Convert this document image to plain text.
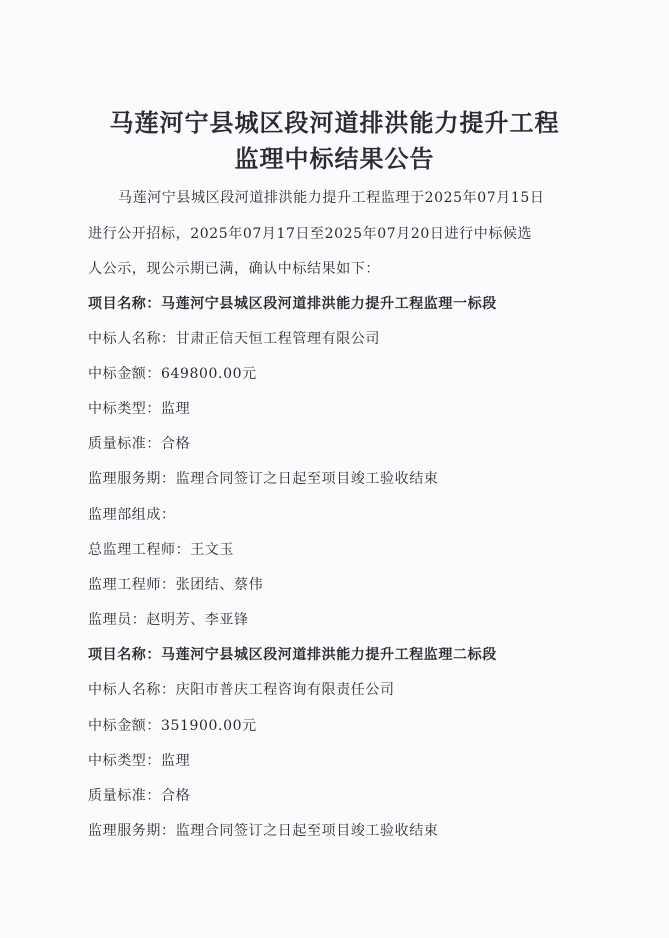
马莲河宁县城区段河道排洪能力提升工程
监理中标结果公告
马莲河宁县城区段河道排洪能力提升工程监理于2025年07月15日
进行公开招标，2025年07月17日至2025年07月20日进行中标候选
人公示，现公示期已满，确认中标结果如下：
项目名称：马莲河宁县城区段河道排洪能力提升工程监理一标段
中标人名称：甘肃正信天恒工程管理有限公司
中标金额：649800.00元
中标类型：监理
质量标准：合格
监理服务期：监理合同签订之日起至项目竣工验收结束
监理部组成：
总监理工程师：王文玉
监理工程师：张团结、蔡伟
监理员：赵明芳、李亚锋
项目名称：马莲河宁县城区段河道排洪能力提升工程监理二标段
中标人名称：庆阳市普庆工程咨询有限责任公司
中标金额：351900.00元
中标类型：监理
质量标准：合格
监理服务期：监理合同签订之日起至项目竣工验收结束
